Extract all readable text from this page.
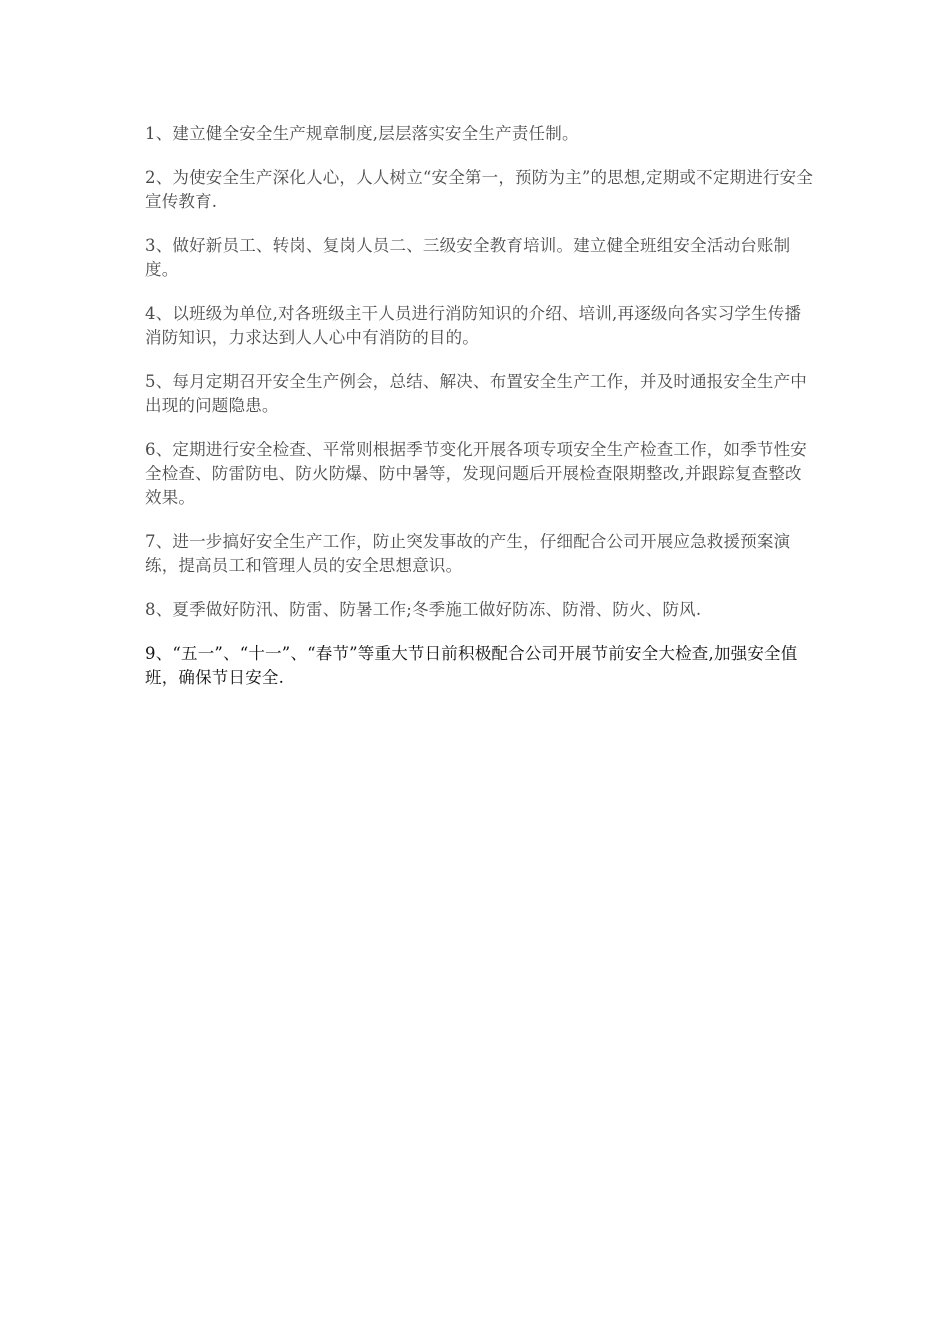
1、建立健全安全生产规章制度,层层落实安全生产责任制。

2、为使安全生产深化人心，人人树立“安全第一，预防为主”的思想,定期或不定期进行安全宣传教育.

3、做好新员工、转岗、复岗人员二、三级安全教育培训。建立健全班组安全活动台账制度。

4、以班级为单位,对各班级主干人员进行消防知识的介绍、培训,再逐级向各实习学生传播消防知识，力求达到人人心中有消防的目的。

5、每月定期召开安全生产例会，总结、解决、布置安全生产工作，并及时通报安全生产中出现的问题隐患。

6、定期进行安全检查、平常则根据季节变化开展各项专项安全生产检查工作，如季节性安全检查、防雷防电、防火防爆、防中暑等，发现问题后开展检查限期整改,并跟踪复查整改效果。

7、进一步搞好安全生产工作，防止突发事故的产生，仔细配合公司开展应急救援预案演练，提高员工和管理人员的安全思想意识。

8、夏季做好防汛、防雷、防暑工作;冬季施工做好防冻、防滑、防火、防风.

9、“五一”、“十一”、“春节”等重大节日前积极配合公司开展节前安全大检查,加强安全值班，确保节日安全.
